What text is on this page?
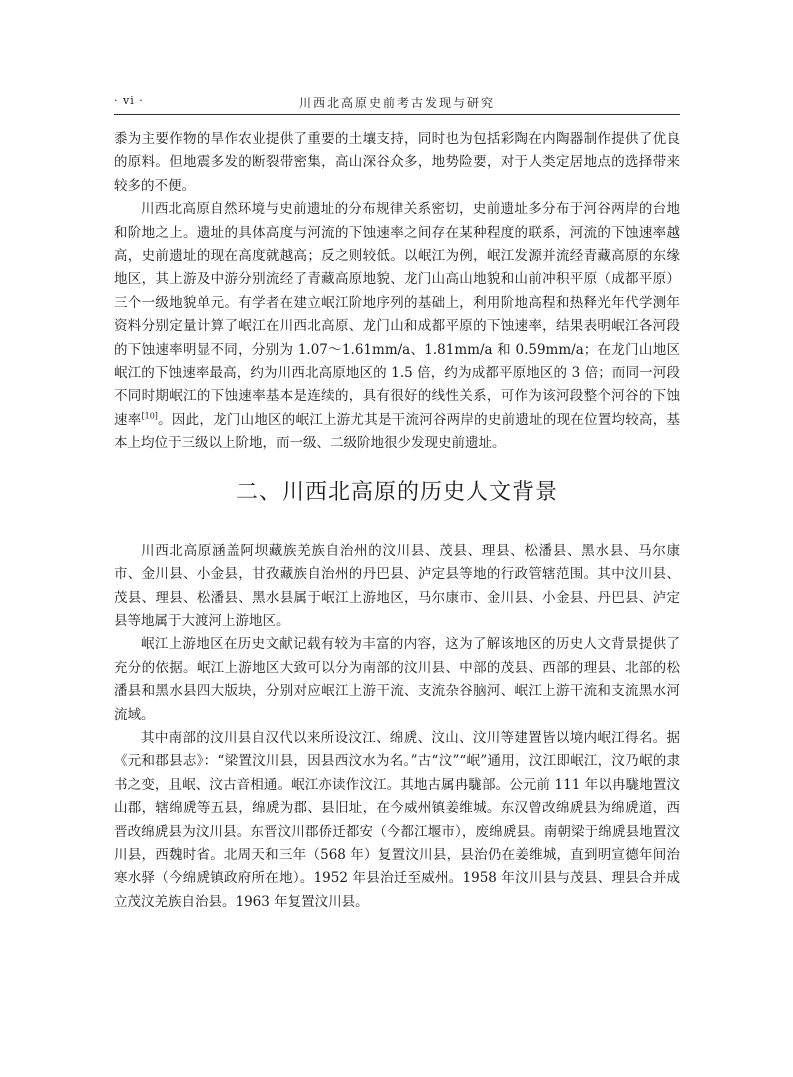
· vi ·	川西北高原史前考古发现与研究

黍为主要作物的旱作农业提供了重要的土壤支持，同时也为包括彩陶在内陶器制作提供了优良的原料。但地震多发的断裂带密集，高山深谷众多，地势险要，对于人类定居地点的选择带来较多的不便。

川西北高原自然环境与史前遗址的分布规律关系密切，史前遗址多分布于河谷两岸的台地和阶地之上。遗址的具体高度与河流的下蚀速率之间存在某种程度的联系，河流的下蚀速率越高，史前遗址的现在高度就越高；反之则较低。以岷江为例，岷江发源并流经青藏高原的东缘地区，其上游及中游分别流经了青藏高原地貌、龙门山高山地貌和山前冲积平原（成都平原）三个一级地貌单元。有学者在建立岷江阶地序列的基础上，利用阶地高程和热释光年代学测年资料分别定量计算了岷江在川西北高原、龙门山和成都平原的下蚀速率，结果表明岷江各河段的下蚀速率明显不同，分别为 1.07～1.61mm/a、1.81mm/a 和 0.59mm/a；在龙门山地区岷江的下蚀速率最高，约为川西北高原地区的 1.5 倍，约为成都平原地区的 3 倍；而同一河段不同时期岷江的下蚀速率基本是连续的，具有很好的线性关系，可作为该河段整个河谷的下蚀速率[10]。因此，龙门山地区的岷江上游尤其是干流河谷两岸的史前遗址的现在位置均较高，基本上均位于三级以上阶地，而一级、二级阶地很少发现史前遗址。

二、川西北高原的历史人文背景

川西北高原涵盖阿坝藏族羌族自治州的汶川县、茂县、理县、松潘县、黑水县、马尔康市、金川县、小金县，甘孜藏族自治州的丹巴县、泸定县等地的行政管辖范围。其中汶川县、茂县、理县、松潘县、黑水县属于岷江上游地区，马尔康市、金川县、小金县、丹巴县、泸定县等地属于大渡河上游地区。

岷江上游地区在历史文献记载有较为丰富的内容，这为了解该地区的历史人文背景提供了充分的依据。岷江上游地区大致可以分为南部的汶川县、中部的茂县、西部的理县、北部的松潘县和黑水县四大版块，分别对应岷江上游干流、支流杂谷脑河、岷江上游干流和支流黑水河流域。

其中南部的汶川县自汉代以来所设汶江、绵虒、汶山、汶川等建置皆以境内岷江得名。据《元和郡县志》：“梁置汶川县，因县西汶水为名。”古“汶”“岷”通用，汶江即岷江，汶乃岷的隶书之变，且岷、汶古音相通。岷江亦读作汶江。其地古属冉駹部。公元前 111 年以冉駹地置汶山郡，辖绵虒等五县，绵虒为郡、县旧址，在今威州镇姜维城。东汉曾改绵虒县为绵虒道，西晋改绵虒县为汶川县。东晋汶川郡侨迁都安（今都江堰市），废绵虒县。南朝梁于绵虒县地置汶川县，西魏时省。北周天和三年（568 年）复置汶川县，县治仍在姜维城，直到明宣德年间治寒水驿（今绵虒镇政府所在地）。1952 年县治迁至威州。1958 年汶川县与茂县、理县合并成立茂汶羌族自治县。1963 年复置汶川县。
